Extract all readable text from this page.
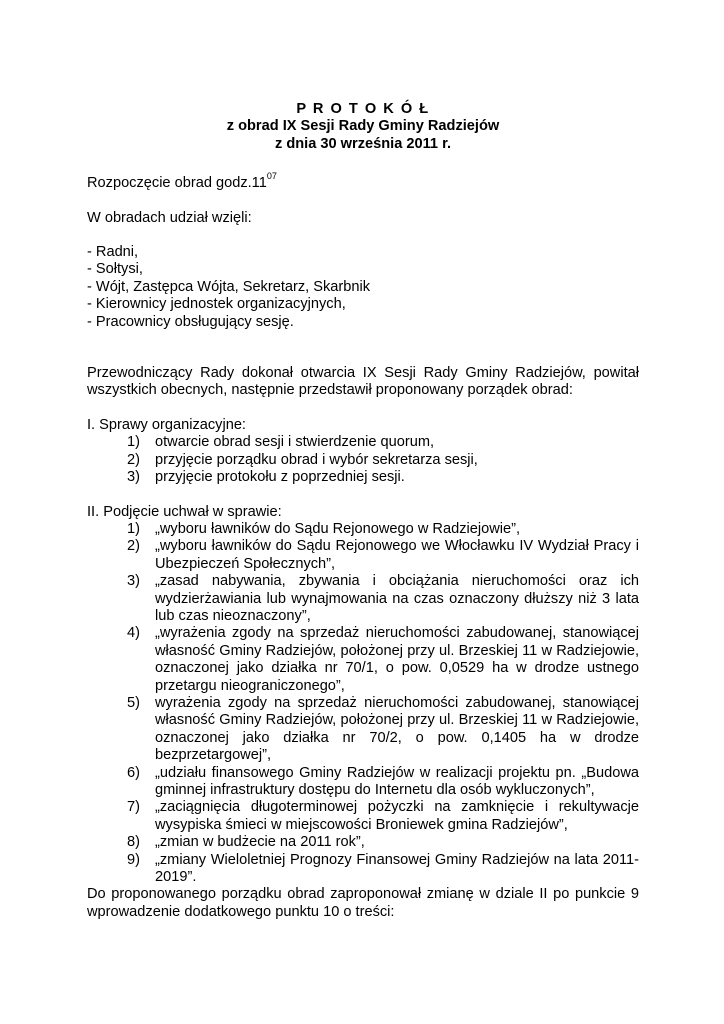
P R O T O K Ó Ł

z obrad IX Sesji Rady Gminy Radziejów

z dnia 30 września 2011 r.

Rozpoczęcie obrad $godz.11^{07}$

W obradach udział wzięli:

- Radni,
- Sołtysi,
- Wójt, Zastępca Wójta, Sekretarz, Skarbnik
- Kierownicy jednostek organizacyjnych,
- Pracownicy obsługujący sesję.

Przewodniczący Rady dokonał otwarcia IX Sesji Rady Gminy Radziejów, powitał wszystkich obecnych, następnie przedstawił proponowany porządek obrad:

I. Sprawy organizacyjne:

1) otwarcie obrad sesji i stwierdzenie quorum,
2) przyjęcie porządku obrad i wybór sekretarza sesji,
3) przyjęcie protokołu z poprzedniej sesji.

II. Podjęcie uchwał w sprawie:

1) „wyboru ławników do Sądu Rejonowego w Radziejowie”,
2) „wyboru ławników do Sądu Rejonowego we Włocławku IV Wydział Pracy i Ubezpieczeń Społecznych”,
3) „zasad nabywania, zbywania i obciążania nieruchomości oraz ich wydzierżawiania lub wynajmowania na czas oznaczony dłuższy niż 3 lata lub czas nieoznaczony”,
4) „wyrażenia zgody na sprzedaż nieruchomości zabudowanej, stanowiącej własność Gminy Radziejów, położonej przy ul. Brzeskiej 11 w Radziejowie, oznaczonej jako działka nr 70/1, o pow. 0,0529 ha w drodze ustnego przetargu nieograniczonego”,
5) wyrażenia zgody na sprzedaż nieruchomości zabudowanej, stanowiącej własność Gminy Radziejów, położonej przy ul. Brzeskiej 11 w Radziejowie, oznaczonej jako działka nr 70/2, o pow. 0,1405 ha w drodze bezprzetargowej”,
6) „udziału finansowego Gminy Radziejów w realizacji projektu pn. „Budowa gminnej infrastruktury dostępu do Internetu dla osób wykluczonych”,
7) „zaciągnięcia długoterminowej pożyczki na zamknięcie i rekultywacje wysypiska śmieci w miejscowości Broniewek gmina Radziejów”,
8) „zmian w budżecie na 2011 rok”,
9) „zmiany Wieloletniej Prognozy Finansowej Gminy Radziejów na lata 2011-2019”.

Do proponowanego porządku obrad zaproponował zmianę w dziale II po punkcie 9 wprowadzenie dodatkowego punktu 10 o treści:
